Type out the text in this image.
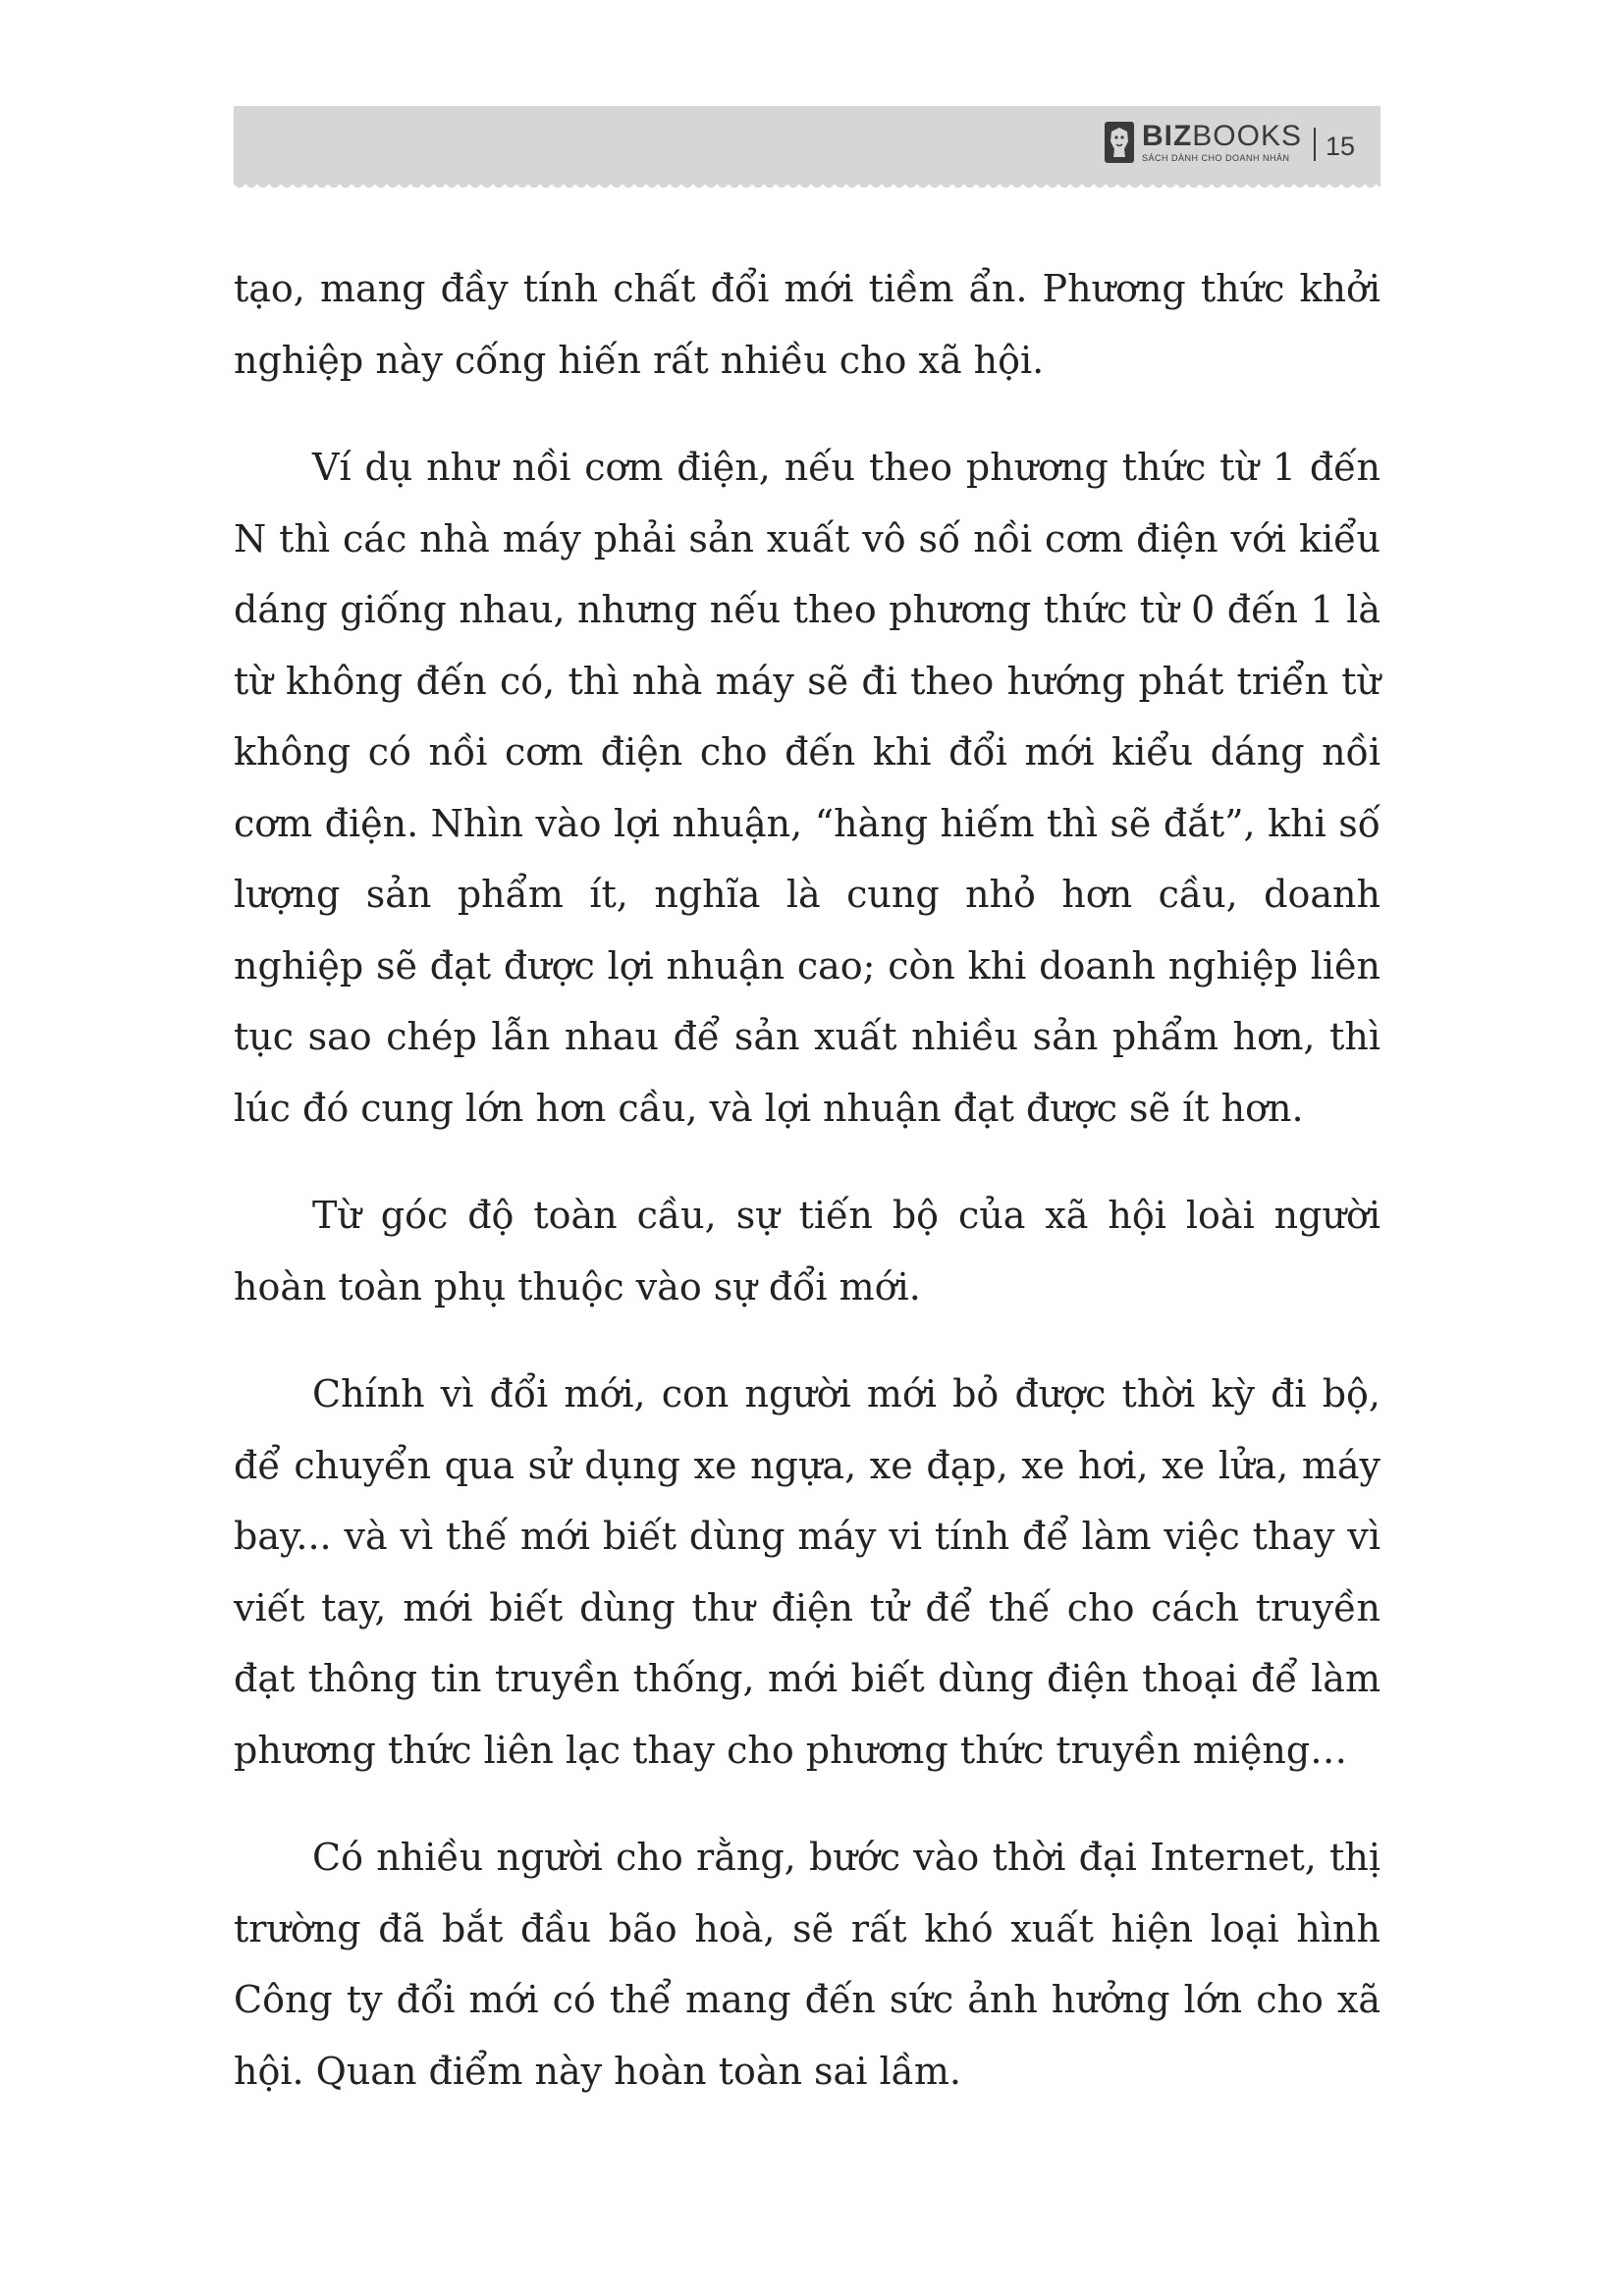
BIZBOOKS
SÁCH DÀNH CHO DOANH NHÂN	15

tạo, mang đầy tính chất đổi mới tiềm ẩn. Phương thức khởi nghiệp này cống hiến rất nhiều cho xã hội.

Ví dụ như nồi cơm điện, nếu theo phương thức từ 1 đến N thì các nhà máy phải sản xuất vô số nồi cơm điện với kiểu dáng giống nhau, nhưng nếu theo phương thức từ 0 đến 1 là từ không đến có, thì nhà máy sẽ đi theo hướng phát triển từ không có nồi cơm điện cho đến khi đổi mới kiểu dáng nồi cơm điện. Nhìn vào lợi nhuận, “hàng hiếm thì sẽ đắt”, khi số lượng sản phẩm ít, nghĩa là cung nhỏ hơn cầu, doanh nghiệp sẽ đạt được lợi nhuận cao; còn khi doanh nghiệp liên tục sao chép lẫn nhau để sản xuất nhiều sản phẩm hơn, thì lúc đó cung lớn hơn cầu, và lợi nhuận đạt được sẽ ít hơn.

Từ góc độ toàn cầu, sự tiến bộ của xã hội loài người hoàn toàn phụ thuộc vào sự đổi mới.

Chính vì đổi mới, con người mới bỏ được thời kỳ đi bộ, để chuyển qua sử dụng xe ngựa, xe đạp, xe hơi, xe lửa, máy bay... và vì thế mới biết dùng máy vi tính để làm việc thay vì viết tay, mới biết dùng thư điện tử để thế cho cách truyền đạt thông tin truyền thống, mới biết dùng điện thoại để làm phương thức liên lạc thay cho phương thức truyền miệng…

Có nhiều người cho rằng, bước vào thời đại Internet, thị trường đã bắt đầu bão hoà, sẽ rất khó xuất hiện loại hình Công ty đổi mới có thể mang đến sức ảnh hưởng lớn cho xã hội. Quan điểm này hoàn toàn sai lầm.
